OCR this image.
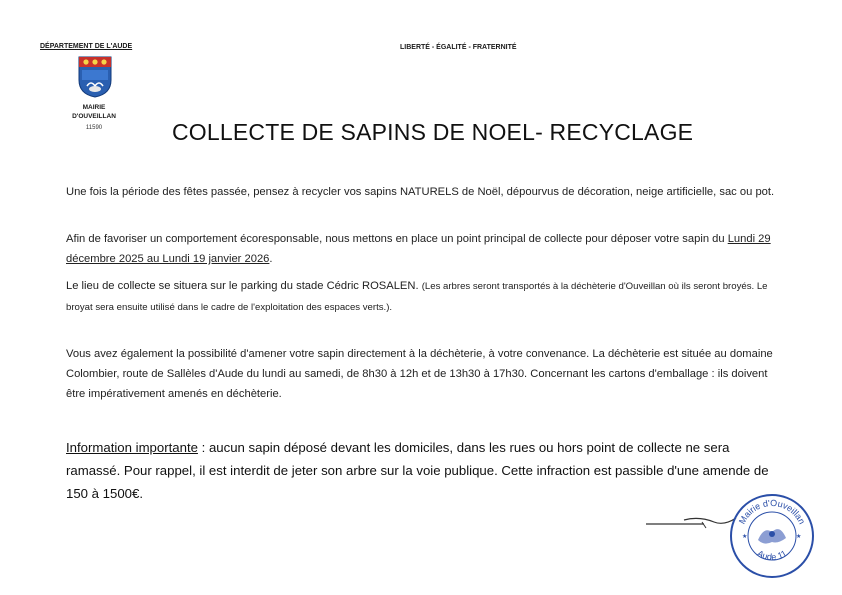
DÉPARTEMENT DE L'AUDE	LIBERTÉ - ÉGALITÉ - FRATERNITÉ
MAIRIE
D'OUVEILLAN
11590	COLLECTE DE SAPINS DE NOEL- RECYCLAGE

Une fois la période des fêtes passée, pensez à recycler vos sapins NATURELS de Noël, dépourvus de décoration, neige artificielle, sac ou pot.

Afin de favoriser un comportement écoresponsable, nous mettons en place un point principal de collecte pour déposer votre sapin du Lundi 29 décembre 2025 au Lundi 19 janvier 2026.

Le lieu de collecte se situera sur le parking du stade Cédric ROSALEN. (Les arbres seront transportés à la déchèterie d'Ouveillan où ils seront broyés. Le broyat sera ensuite utilisé dans le cadre de l'exploitation des espaces verts.).

Vous avez également la possibilité d'amener votre sapin directement à la déchèterie, à votre convenance. La déchèterie est située au domaine Colombier, route de Sallèles d'Aude du lundi au samedi, de 8h30 à 12h et de 13h30 à 17h30. Concernant les cartons d'emballage : ils doivent être impérativement amenés en déchèterie.

Information importante : aucun sapin déposé devant les domiciles, dans les rues ou hors point de collecte ne sera ramassé. Pour rappel, il est interdit de jeter son arbre sur la voie publique. Cette infraction est passible d'une amende de 150 à 1500€.

Mairie d'Ouveillan
Aude 11
★	★
